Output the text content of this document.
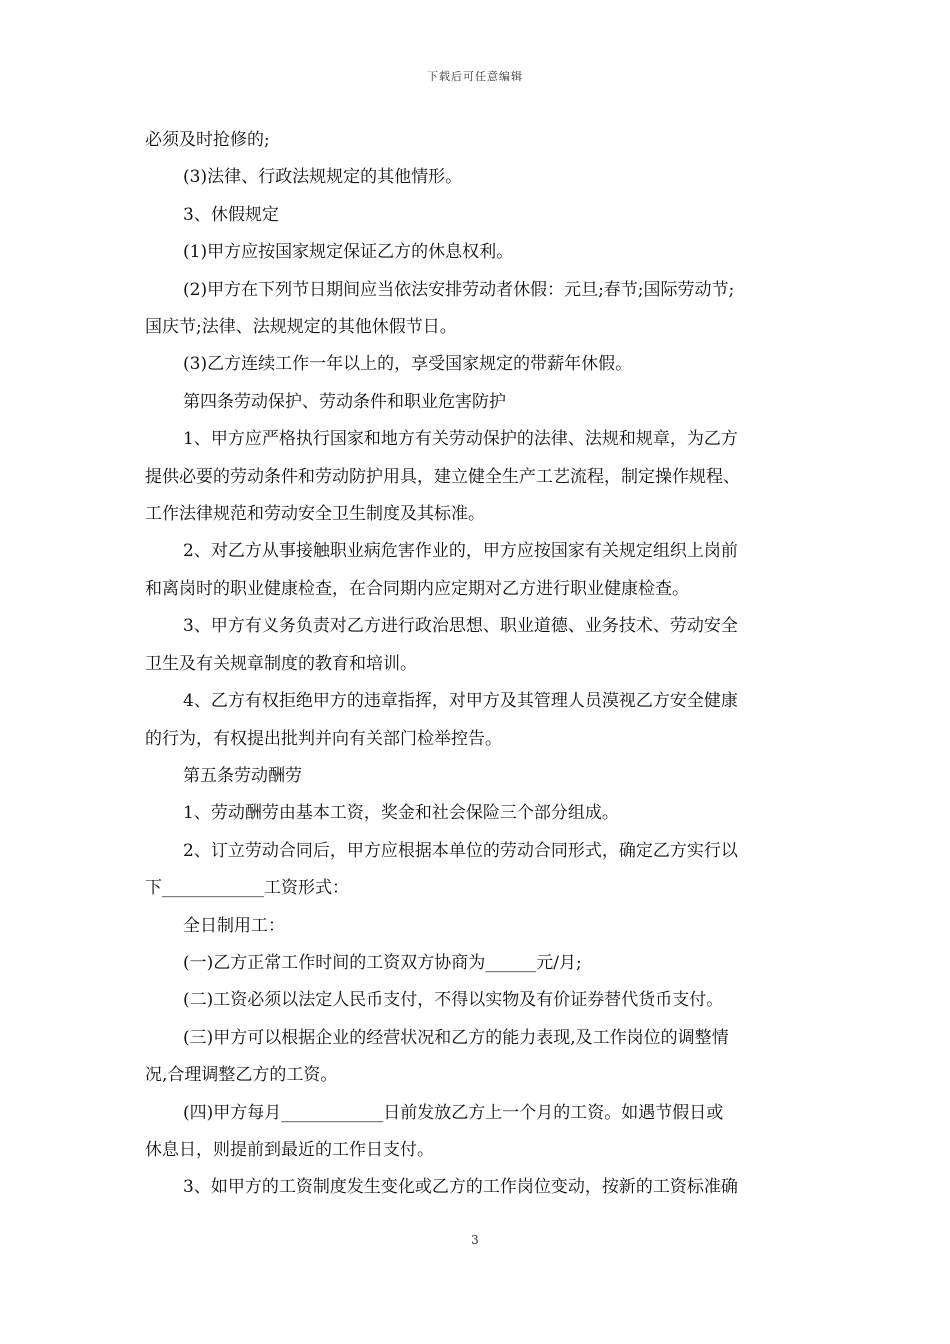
下载后可任意编辑

必须及时抢修的;

(3)法律、行政法规规定的其他情形。

3、休假规定

(1)甲方应按国家规定保证乙方的休息权利。

(2)甲方在下列节日期间应当依法安排劳动者休假：元旦;春节;国际劳动节;

国庆节;法律、法规规定的其他休假节日。

(3)乙方连续工作一年以上的，享受国家规定的带薪年休假。

第四条劳动保护、劳动条件和职业危害防护

1、甲方应严格执行国家和地方有关劳动保护的法律、法规和规章，为乙方

提供必要的劳动条件和劳动防护用具，建立健全生产工艺流程，制定操作规程、

工作法律规范和劳动安全卫生制度及其标准。

2、对乙方从事接触职业病危害作业的，甲方应按国家有关规定组织上岗前

和离岗时的职业健康检查，在合同期内应定期对乙方进行职业健康检查。

3、甲方有义务负责对乙方进行政治思想、职业道德、业务技术、劳动安全

卫生及有关规章制度的教育和培训。

4、乙方有权拒绝甲方的违章指挥，对甲方及其管理人员漠视乙方安全健康

的行为，有权提出批判并向有关部门检举控告。

第五条劳动酬劳

1、劳动酬劳由基本工资，奖金和社会保险三个部分组成。

2、订立劳动合同后，甲方应根据本单位的劳动合同形式，确定乙方实行以

下____________工资形式：

全日制用工：

(一)乙方正常工作时间的工资双方协商为______元/月;

(二)工资必须以法定人民币支付，不得以实物及有价证券替代货币支付。

(三)甲方可以根据企业的经营状况和乙方的能力表现,及工作岗位的调整情

况,合理调整乙方的工资。

(四)甲方每月____________日前发放乙方上一个月的工资。如遇节假日或

休息日，则提前到最近的工作日支付。

3、如甲方的工资制度发生变化或乙方的工作岗位变动，按新的工资标准确

3
